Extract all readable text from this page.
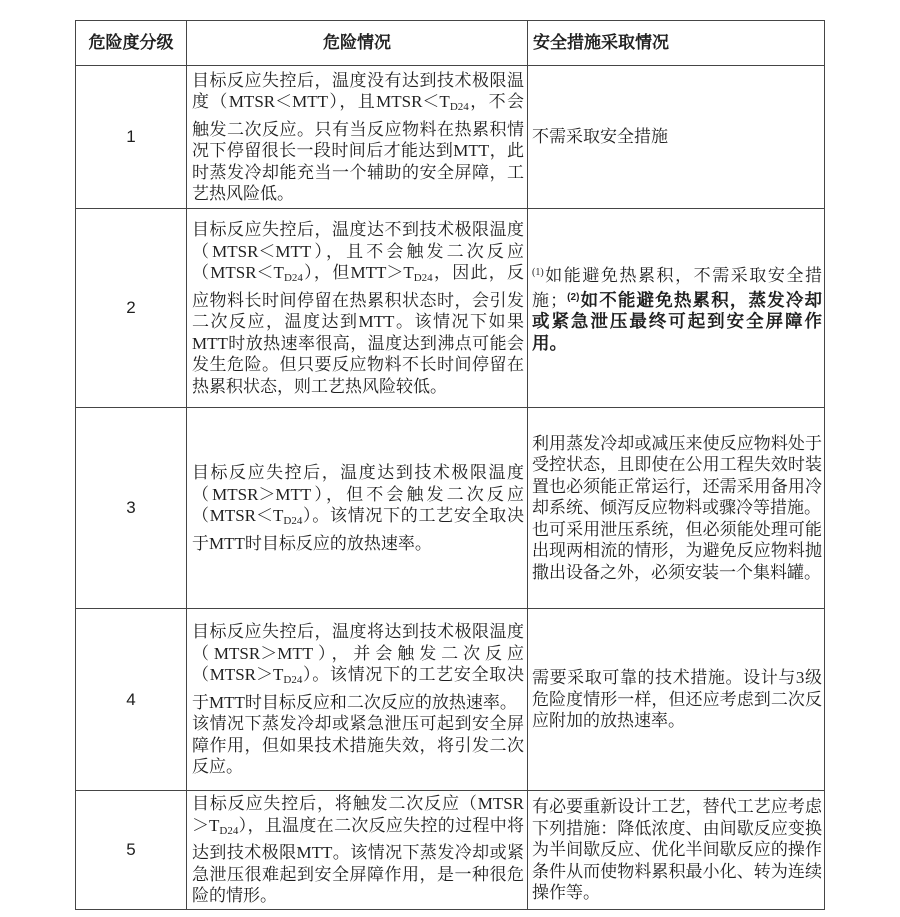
危险度分级	危险情况	安全措施采取情况
1	目标反应失控后，温度没有达到技术极限温度（MTSR＜MTT），且$MTSR<T_{D24}$，不会触发二次反应。只有当反应物料在热累积情况下停留很长一段时间后才能达到MTT，此时蒸发冷却能充当一个辅助的安全屏障，工艺热风险低。	不需采取安全措施

2	目标反应失控后，温度达不到技术极限温度（MTSR＜MTT），且不会触发二次反应$(MTSR<T_{D24})$，但$MTT>T_{D24}$，因此，反应物料长时间停留在热累积状态时，会引发二次反应，温度达到MTT。该情况下如果MTT时放热速率很高，温度达到沸点可能会发生危险。但只要反应物料不长时间停留在热累积状态，则工艺热风险较低。	$^{(1)}$如能避免热累积，不需采取安全措施；$^{(2)}$如不能避免热累积，蒸发冷却或紧急泄压最终可起到安全屏障作用。

3	目标反应失控后，温度达到技术极限温度（MTSR＞MTT），但不会触发二次反应$(MTSR<T_{D24})$。该情况下的工艺安全取决于MTT时目标反应的放热速率。	利用蒸发冷却或减压来使反应物料处于受控状态，且即使在公用工程失效时装置也必须能正常运行，还需采用备用冷却系统、倾泻反应物料或骤冷等措施。
也可采用泄压系统，但必须能处理可能出现两相流的情形，为避免反应物料抛撒出设备之外，必须安装一个集料罐。

4	目标反应失控后，温度将达到技术极限温度（MTSR＞MTT），并会触发二次反应$(MTSR>T_{D24})$。该情况下的工艺安全取决于MTT时目标反应和二次反应的放热速率。
该情况下蒸发冷却或紧急泄压可起到安全屏障作用，但如果技术措施失效，将引发二次反应。	需要采取可靠的技术措施。设计与3级危险度情形一样，但还应考虑到二次反应附加的放热速率。

5	目标反应失控后，将触发二次反应$(MTSR>T_{D24})$，且温度在二次反应失控的过程中将达到技术极限MTT。该情况下蒸发冷却或紧急泄压很难起到安全屏障作用，是一种很危险的情形。	有必要重新设计工艺，替代工艺应考虑下列措施：降低浓度、由间歇反应变换为半间歇反应、优化半间歇反应的操作条件从而使物料累积最小化、转为连续操作等。
